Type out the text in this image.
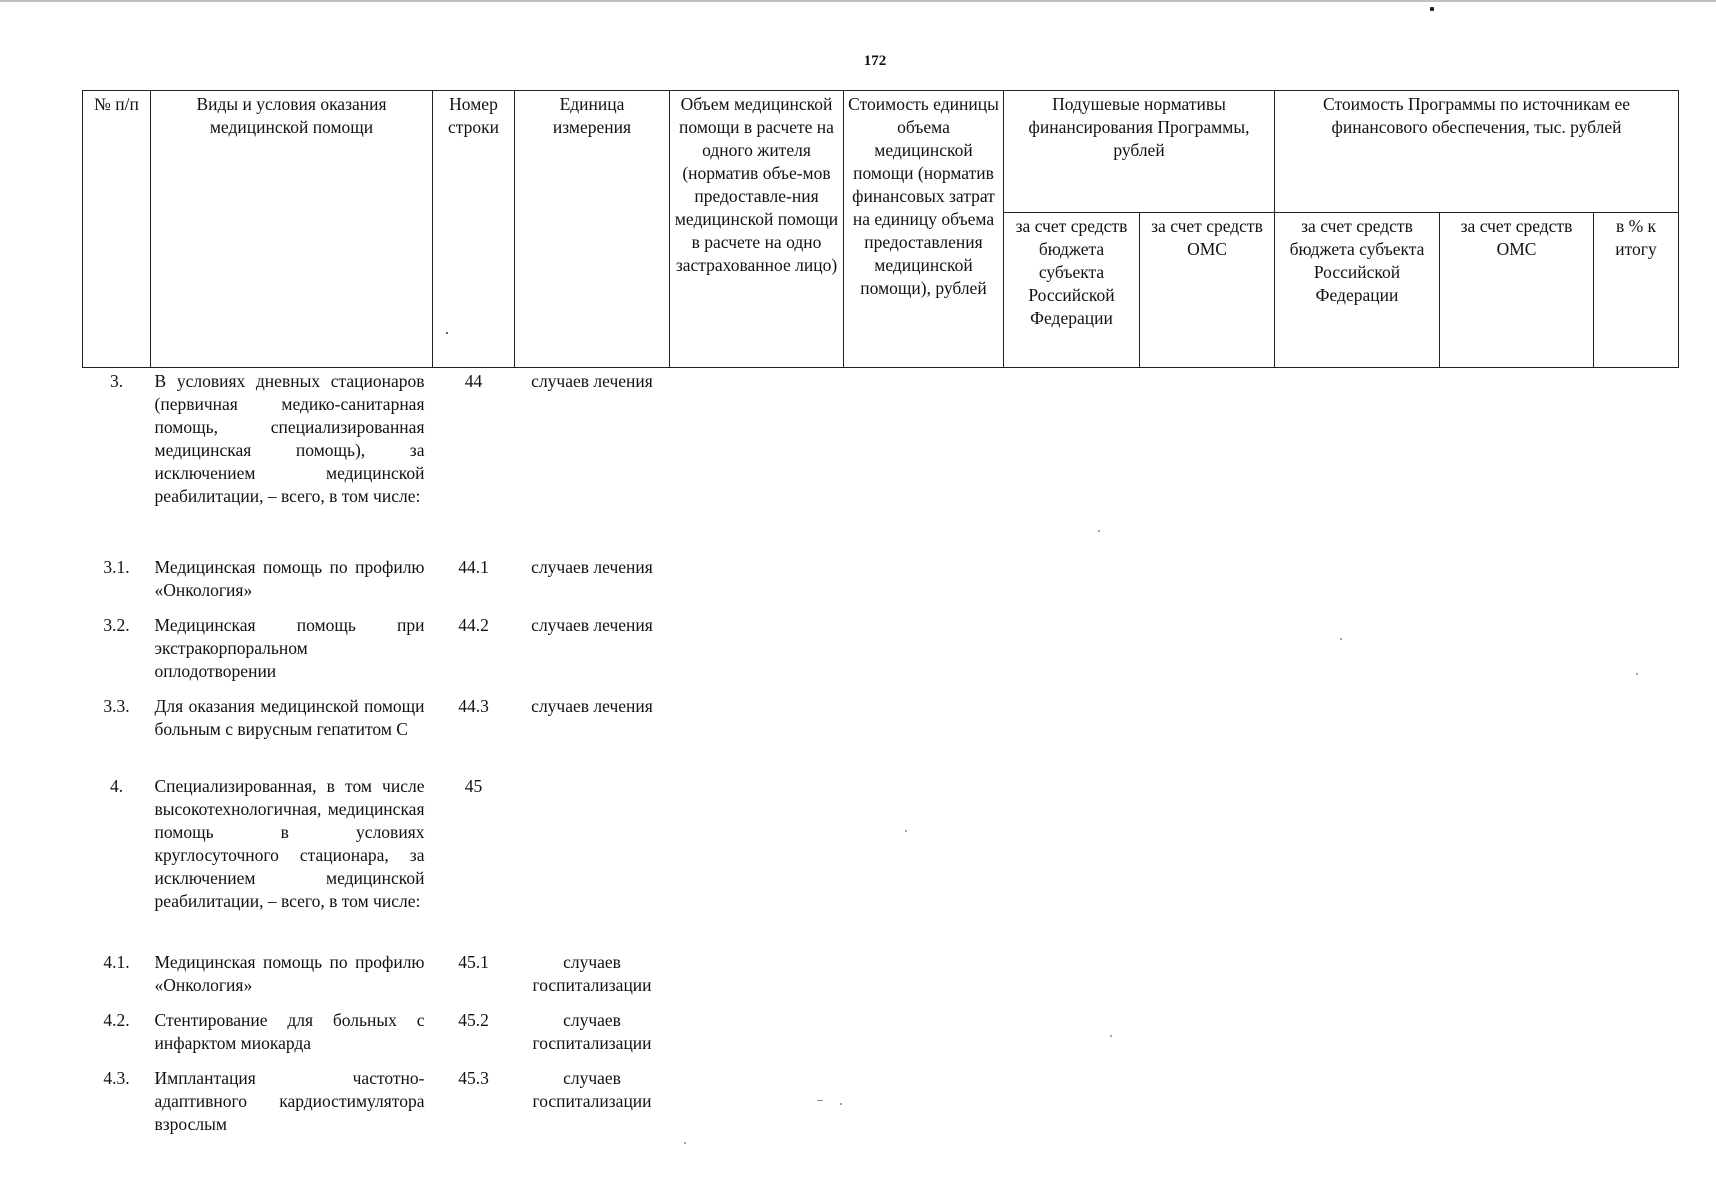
172
№ п/п	Виды и условия оказания медицинской помощи	Номер строки	Единица измерения	Объем медицинской помощи в расчете на одного жителя (норматив объе-мов предоставле-ния медицинской помощи в расчете на одно застрахованное лицо)	Стоимость единицы объема медицинской помощи (норматив финансовых затрат на единицу объема предоставления медицинской помощи), рублей	Подушевые нормативы финансирования Программы, рублей		Стоимость Программы по источникам ее финансового обеспечения, тыс. рублей		
						за счет средств бюджета субъекта Российской Федерации	за счет средств ОМС	за счет средств бюджета субъекта Российской Федерации	за счет средств ОМС	в % к итогу
3.	В условиях дневных стационаров (первичная медико-санитарная помощь, специализированная медицинская помощь), за исключением медицинской реабилитации, – всего, в том числе:	44	случаев лечения							
3.1.	Медицинская помощь по профилю «Онкология»	44.1	случаев лечения							
3.2.	Медицинская помощь при экстракорпоральном оплодотворении	44.2	случаев лечения							
3.3.	Для оказания медицинской помощи больным с вирусным гепатитом С	44.3	случаев лечения							
4.	Специализированная, в том числе высокотехнологичная, медицинская помощь в условиях круглосуточного стационара, за исключением медицинской реабилитации, – всего, в том числе:	45								
4.1.	Медицинская помощь по профилю «Онкология»	45.1	случаев госпитализации							
4.2.	Стентирование для больных с инфарктом миокарда	45.2	случаев госпитализации							
4.3.	Имплантация частотно-адаптивного кардиостимулятора взрослым	45.3	случаев госпитализации							
